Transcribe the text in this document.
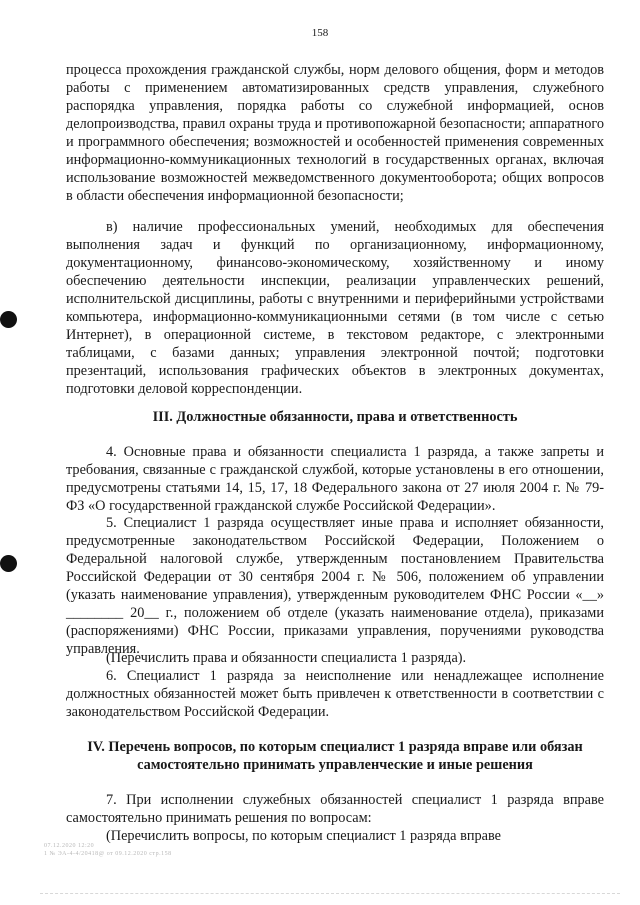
158
процесса прохождения гражданской службы, норм делового общения, форм и методов работы с применением автоматизированных средств управления, служебного распорядка управления, порядка работы со служебной информацией, основ делопроизводства, правил охраны труда и противопожарной безопасности; аппаратного и программного обеспечения; возможностей и особенностей применения современных информационно-коммуникационных технологий в государственных органах, включая использование возможностей межведомственного документооборота; общих вопросов в области обеспечения информационной безопасности;
в) наличие профессиональных умений, необходимых для обеспечения выполнения задач и функций по организационному, информационному, документационному, финансово-экономическому, хозяйственному и иному обеспечению деятельности инспекции, реализации управленческих решений, исполнительской дисциплины, работы с внутренними и периферийными устройствами компьютера, информационно-коммуникационными сетями (в том числе с сетью Интернет), в операционной системе, в текстовом редакторе, с электронными таблицами, с базами данных; управления электронной почтой; подготовки презентаций, использования графических объектов в электронных документах, подготовки деловой корреспонденции.
III. Должностные обязанности, права и ответственность
4. Основные права и обязанности специалиста 1 разряда, а также запреты и требования, связанные с гражданской службой, которые установлены в его отношении, предусмотрены статьями 14, 15, 17, 18 Федерального закона от 27 июля 2004 г. № 79-ФЗ «О государственной гражданской службе Российской Федерации».
5. Специалист 1 разряда осуществляет иные права и исполняет обязанности, предусмотренные законодательством Российской Федерации, Положением о Федеральной налоговой службе, утвержденным постановлением Правительства Российской Федерации от 30 сентября 2004 г. № 506, положением об управлении (указать наименование управления), утвержденным руководителем ФНС России «__» ________ 20__ г., положением об отделе (указать наименование отдела), приказами (распоряжениями) ФНС России, приказами управления, поручениями руководства управления.
(Перечислить права и обязанности специалиста 1 разряда).
6. Специалист 1 разряда за неисполнение или ненадлежащее исполнение должностных обязанностей может быть привлечен к ответственности в соответствии с законодательством Российской Федерации.
IV. Перечень вопросов, по которым специалист 1 разряда вправе или обязан самостоятельно принимать управленческие и иные решения
7. При исполнении служебных обязанностей специалист 1 разряда вправе самостоятельно принимать решения по вопросам:
(Перечислить вопросы, по которым специалист 1 разряда вправе
07.12.2020 12:20
1 № ЭА-4-4/20418@ от 09.12.2020 стр.158
